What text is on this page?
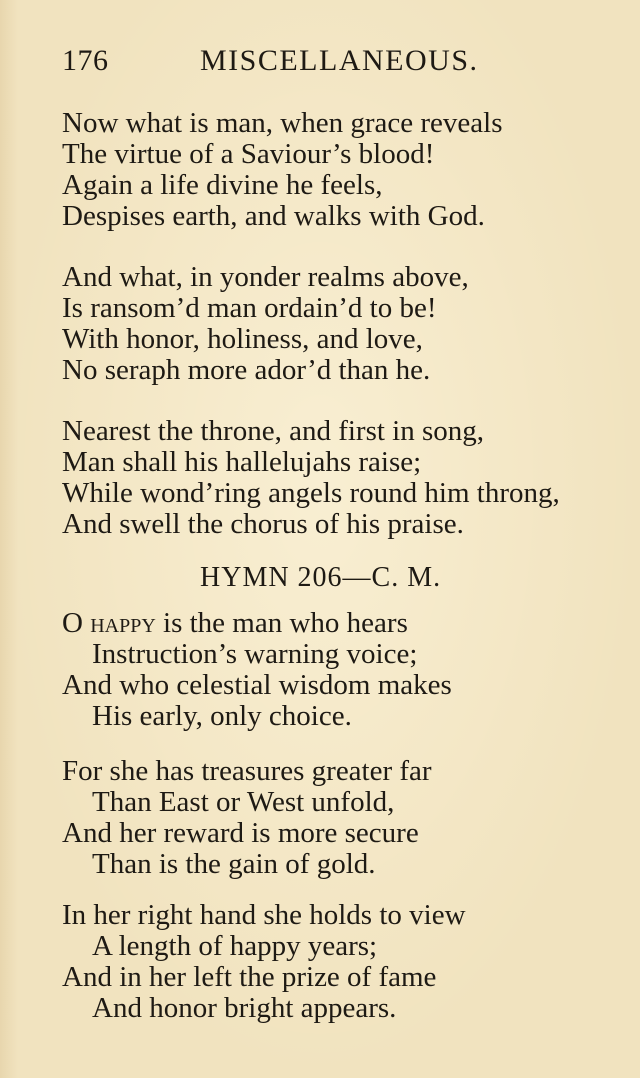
176	MISCELLANEOUS.
Now what is man, when grace reveals
The virtue of a Saviour’s blood!
Again a life divine he feels,
Despises earth, and walks with God.
And what, in yonder realms above,
Is ransom’d man ordain’d to be!
With honor, holiness, and love,
No seraph more ador’d than he.
Nearest the throne, and first in song,
Man shall his hallelujahs raise;
While wond’ring angels round him throng,
And swell the chorus of his praise.
HYMN 206—C. M.
O happy is the man who hears
Instruction’s warning voice;
And who celestial wisdom makes
His early, only choice.
For she has treasures greater far
Than East or West unfold,
And her reward is more secure
Than is the gain of gold.
In her right hand she holds to view
A length of happy years;
And in her left the prize of fame
And honor bright appears.
